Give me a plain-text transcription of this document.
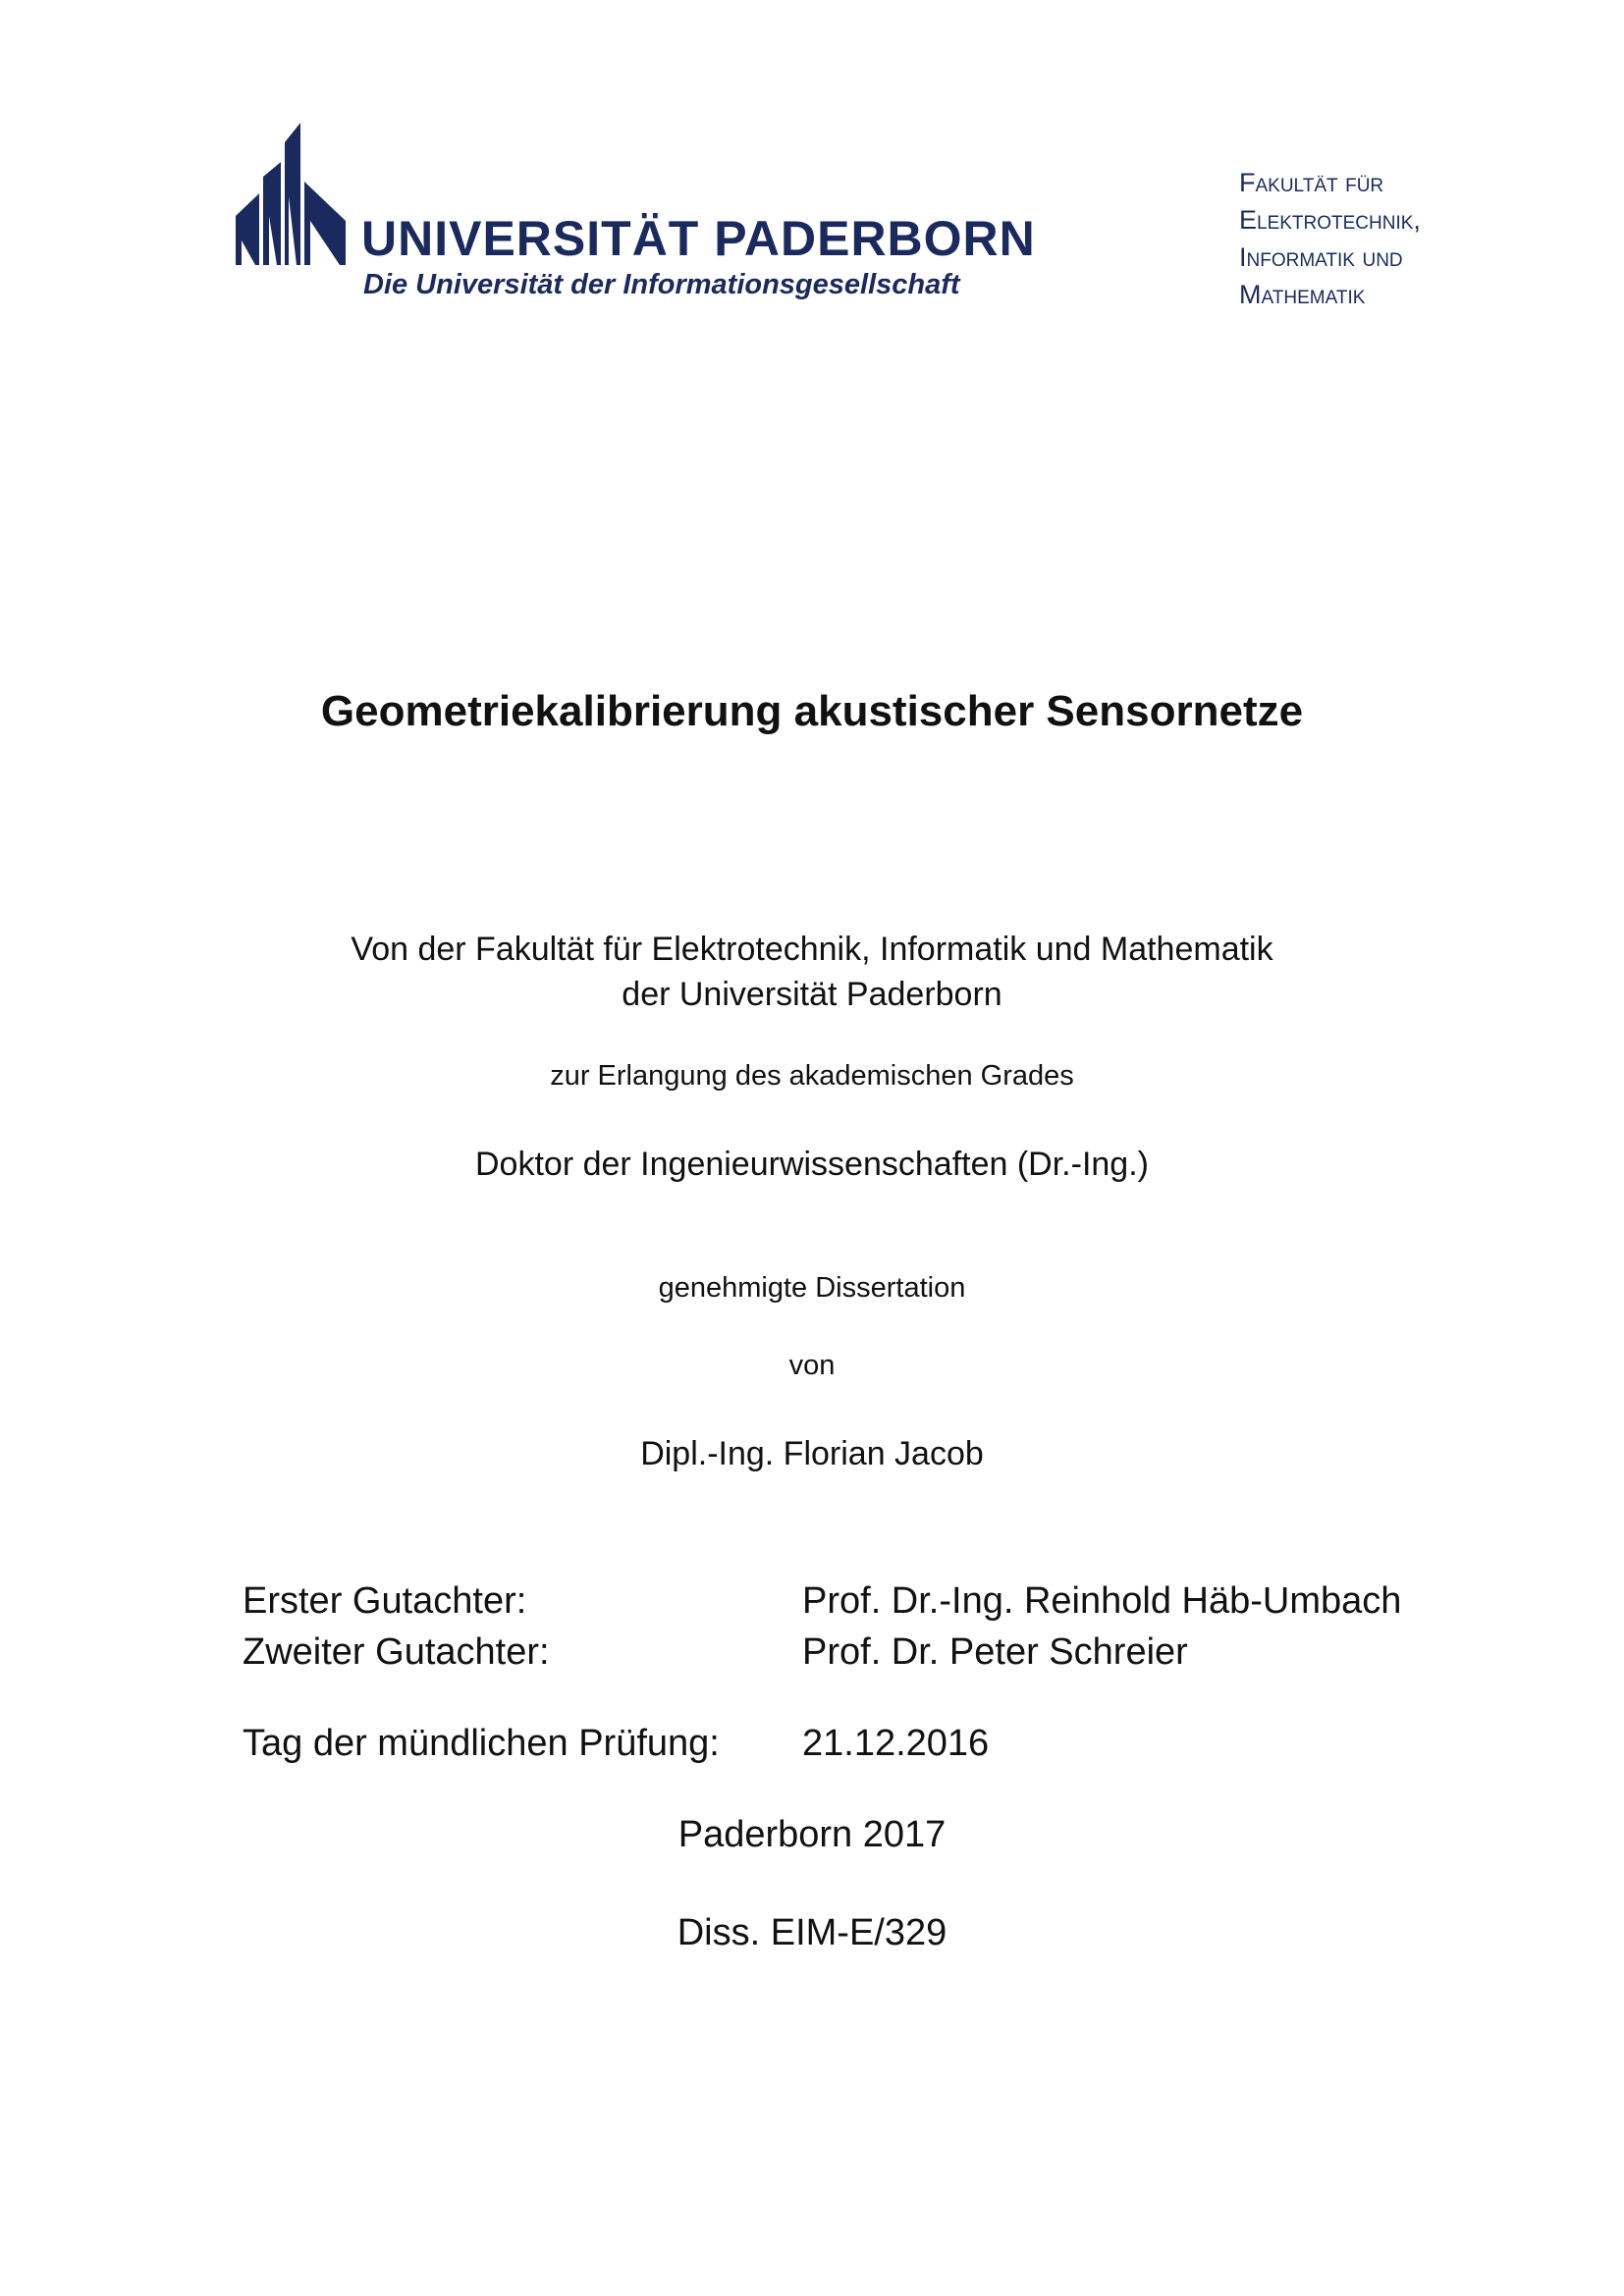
UNIVERSITÄT PADERBORN
Die Universität der Informationsgesellschaft
Fakultät für
Elektrotechnik,
Informatik und
Mathematik
Geometriekalibrierung akustischer Sensornetze
Von der Fakultät für Elektrotechnik, Informatik und Mathematik
der Universität Paderborn
zur Erlangung des akademischen Grades
Doktor der Ingenieurwissenschaften (Dr.-Ing.)
genehmigte Dissertation
von
Dipl.-Ing. Florian Jacob
Erster Gutachter:	Prof. Dr.-Ing. Reinhold Häb-Umbach
Zweiter Gutachter:	Prof. Dr. Peter Schreier
Tag der mündlichen Prüfung: 21.12.2016
Paderborn 2017
Diss. EIM-E/329
